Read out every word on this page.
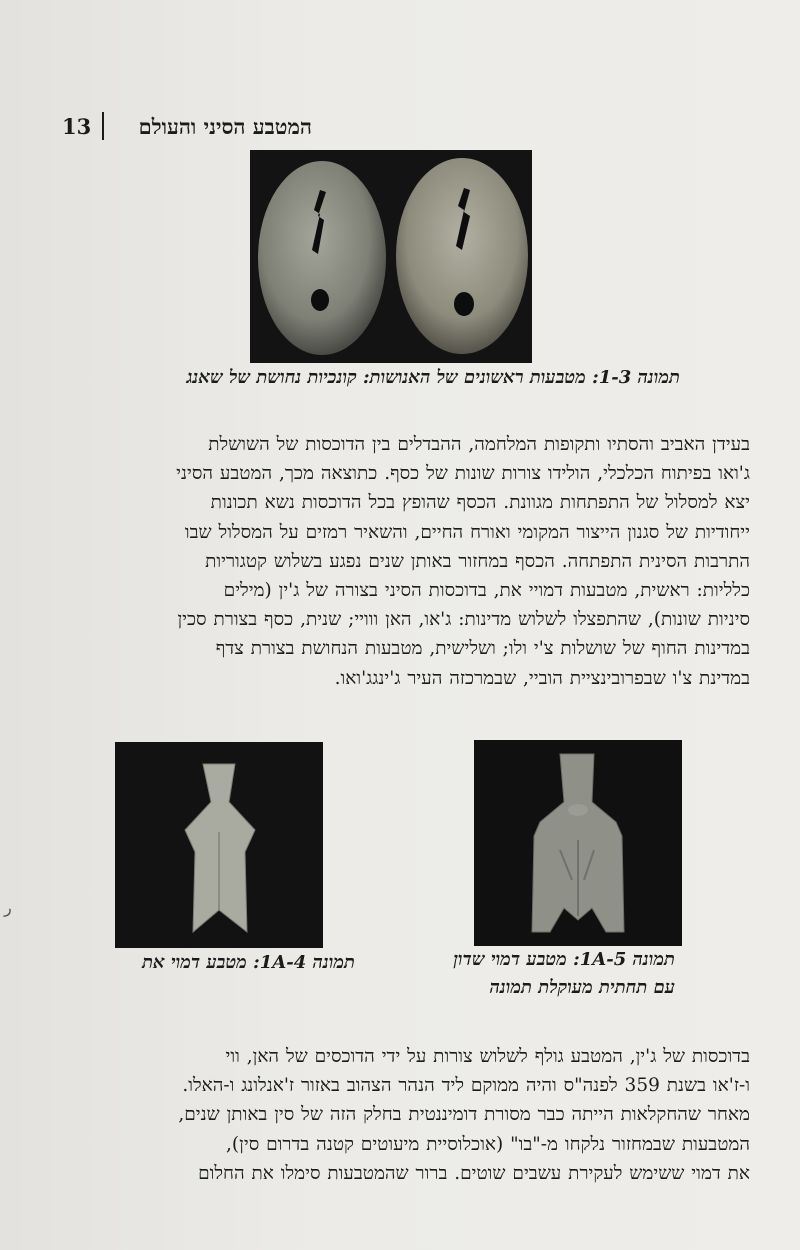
13 המטבע הסיני והעולם
תמונה 1-3: מטבעות ראשונים של האנושות: קונכיות נחושת של שאנג
בעידן האביב והסתיו ותקופות המלחמה, ההבדלים בין הדוכסות של השושלת
ג'ואו בפיתוח הכלכלי, הולידו צורות שונות של כסף. כתוצאה מכך, המטבע הסיני
יצא למסלול של התפתחות מגוונת. הכסף שהופץ בכל הדוכסות נשא תכונות
ייחודיות של סגנון הייצור המקומי ואורח החיים, והשאיר רמזים על המסלול שבו
התרבות הסינית התפתחה. הכסף במחזור באותן שנים נפגע בשלוש קטגוריות
כלליות: ראשית, מטבעות דמויי את, בדוכסות הסיני בצורה של ג'ין (מילים
סיניות שונות), שהתפצלו לשלוש מדינות: ג'או, האן ווויי; שנית, כסף בצורת סכין
במדינות החוף של שושלות צ'י ולו; ושלישית, מטבעות הנחושת בצורת צדף
במדינת צ'ו שבפרובינציית הוביי, שבמרכזה העיר ג'ינגג'ואו.
תמונה 1A-4: מטבע דמוי את	תמונה 1A-5: מטבע דמוי שדון
עם תחתית מעוקלת תמונה
בדוכסות של ג'ין, המטבע גולף לשלוש צורות על ידי הדוכסים של האן, ווי
ו-ז'או בשנת 359 לפנה"ס והיה ממוקם ליד הנהר הצהוב באזור ז'אנלונג ו-האלו.
מאחר שהחקלאות הייתה כבר מסורת דומיננטית בחלק הזה של סין באותן שנים,
המטבעות שבמחזור נלקחו מ-"בו" (אוכלוסיית מיעוטים קטנה בדרום סין),
את דמוי ששימש לעקירת עשבים שוטים. ברור שהמטבעות סימלו את החלום
ر
